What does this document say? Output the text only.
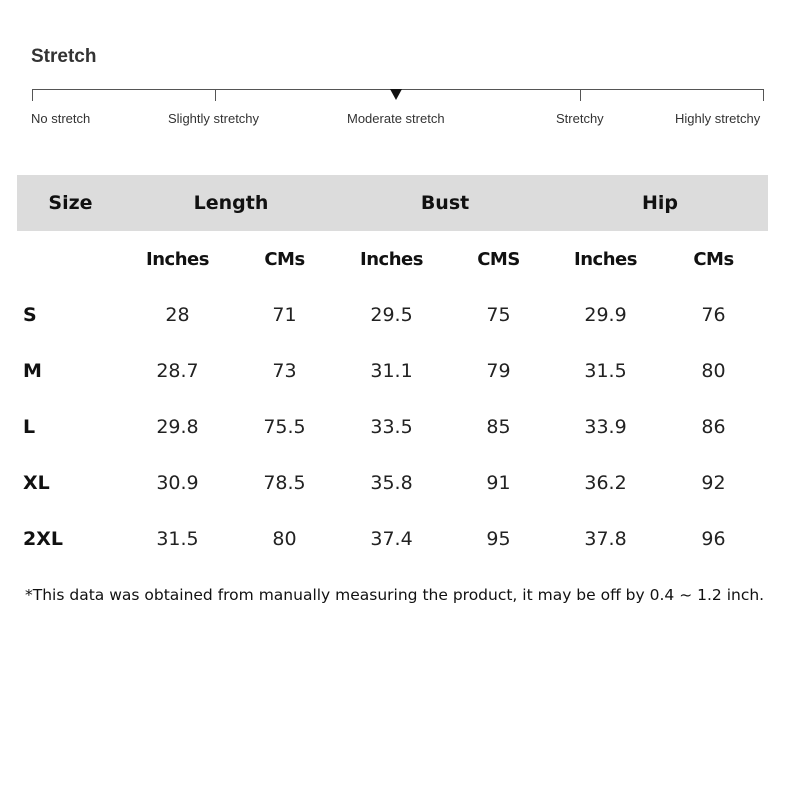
Stretch
No stretch	Slightly stretchy	Moderate stretch	Stretchy	Highly stretchy
Size	Length		Bust		Hip	
	Inches	CMs	Inches	CMS	Inches	CMs
S	28	71	29.5	75	29.9	76
M	28.7	73	31.1	79	31.5	80
L	29.8	75.5	33.5	85	33.9	86
XL	30.9	78.5	35.8	91	36.2	92
2XL	31.5	80	37.4	95	37.8	96
*This data was obtained from manually measuring the product, it may be off by 0.4 ~ 1.2 inch.
